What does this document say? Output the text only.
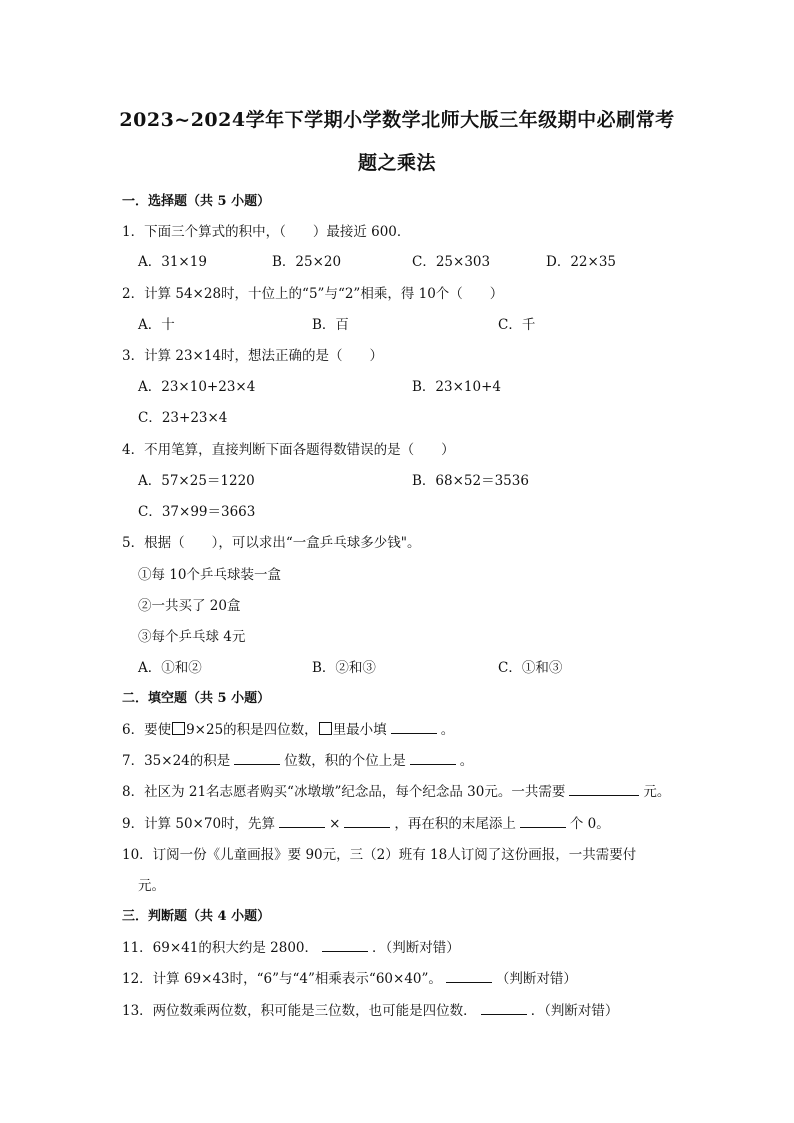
2023~2024学年下学期小学数学北师大版三年级期中必刷常考
题之乘法
一．选择题（共 5 小题）
1．下面三个算式的积中，（　　）最接近 600．
A．31×19	B．25×20	C．25×303	D．22×35
2．计算 54×28时，十位上的“5”与“2”相乘，得 10个（　　）
A．十	B．百	C．千
3．计算 23×14时，想法正确的是（　　）
A．23×10+23×4	B．23×10+4
C．23+23×4
4．不用笔算，直接判断下面各题得数错误的是（　　）
A．57×25＝1220	B．68×52＝3536
C．37×99＝3663
5．根据（　　），可以求出“一盒乒乓球多少钱"。
①每 10个乒乓球装一盒
②一共买了 20盒
③每个乒乓球 4元
A．①和②	B．②和③	C．①和③
二．填空题（共 5 小题）
6．要使 9×25的积是四位数， 里最小填	。
7．35×24的积是	位数，积的个位上是	。
8．社区为 21名志愿者购买“冰墩墩”纪念品，每个纪念品 30元。一共需要	元。
9．计算 50×70时，先算	×	，再在积的末尾添上	个 0。
10．订阅一份《儿童画报》要 90元，三（2）班有 18人订阅了这份画报，一共需要付
元。
三．判断题（共 4 小题）
11．69×41的积大约是 2800．	．（判断对错）
12．计算 69×43时，“6”与“4”相乘表示“60×40”。	（判断对错）
13．两位数乘两位数，积可能是三位数，也可能是四位数．	．（判断对错）
